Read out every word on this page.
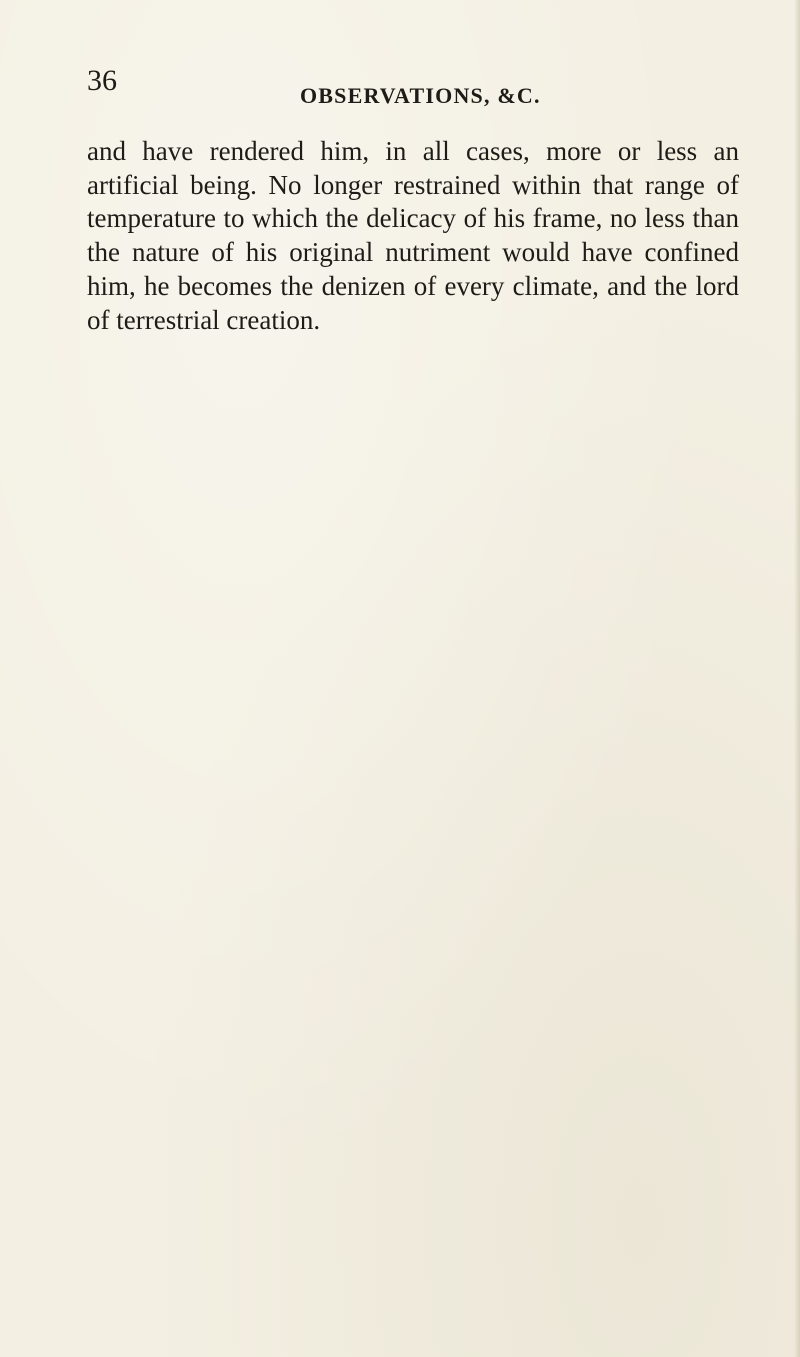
36	OBSERVATIONS, &C.

and have rendered him, in all cases, more or less an artificial being. No longer restrained within that range of temperature to which the delicacy of his frame, no less than the nature of his original nutriment would have confined him, he becomes the denizen of every climate, and the lord of terrestrial creation.
